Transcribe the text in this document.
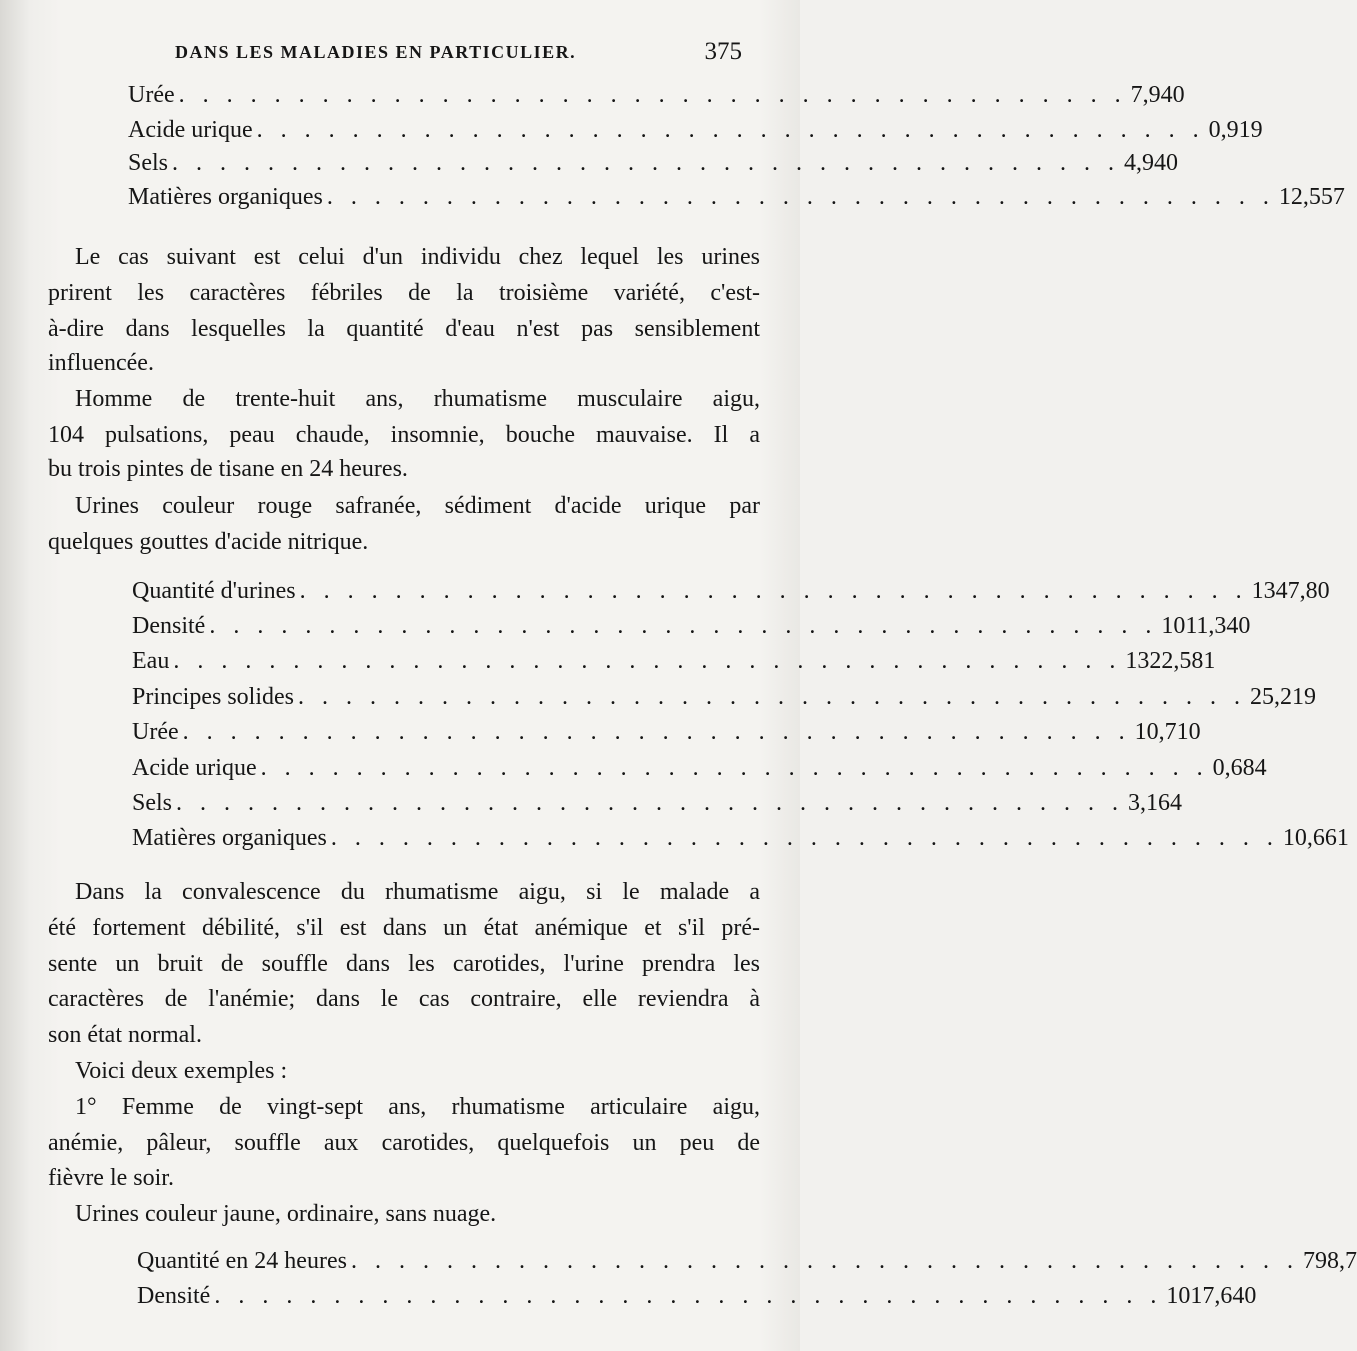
DANS LES MALADIES EN PARTICULIER.	375
Urée . . . . . . . . . . . . . . . . . . . . . . . . . . . . . . . . . . . . . . . . 7,940
Acide urique . . . . . . . . . . . . . . . . . . . . . . . . . . . . . . . . . . . . . . . . 0,919
Sels . . . . . . . . . . . . . . . . . . . . . . . . . . . . . . . . . . . . . . . . 4,940
Matières organiques . . . . . . . . . . . . . . . . . . . . . . . . . . . . . . . . . . . . . . . . 12,557
Le cas suivant est celui d'un individu chez lequel les urines
prirent les caractères fébriles de la troisième variété, c'est-
à-dire dans lesquelles la quantité d'eau n'est pas sensiblement
influencée.
Homme de trente-huit ans, rhumatisme musculaire aigu,
104 pulsations, peau chaude, insomnie, bouche mauvaise. Il a
bu trois pintes de tisane en 24 heures.
Urines couleur rouge safranée, sédiment d'acide urique par
quelques gouttes d'acide nitrique.
Quantité d'urines . . . . . . . . . . . . . . . . . . . . . . . . . . . . . . . . . . . . . . . . 1347,80
Densité . . . . . . . . . . . . . . . . . . . . . . . . . . . . . . . . . . . . . . . . 1011,340
Eau . . . . . . . . . . . . . . . . . . . . . . . . . . . . . . . . . . . . . . . . 1322,581
Principes solides . . . . . . . . . . . . . . . . . . . . . . . . . . . . . . . . . . . . . . . . 25,219
Urée . . . . . . . . . . . . . . . . . . . . . . . . . . . . . . . . . . . . . . . . 10,710
Acide urique . . . . . . . . . . . . . . . . . . . . . . . . . . . . . . . . . . . . . . . . 0,684
Sels . . . . . . . . . . . . . . . . . . . . . . . . . . . . . . . . . . . . . . . . 3,164
Matières organiques . . . . . . . . . . . . . . . . . . . . . . . . . . . . . . . . . . . . . . . . 10,661
Dans la convalescence du rhumatisme aigu, si le malade a
été fortement débilité, s'il est dans un état anémique et s'il pré-
sente un bruit de souffle dans les carotides, l'urine prendra les
caractères de l'anémie; dans le cas contraire, elle reviendra à
son état normal.
Voici deux exemples :
1° Femme de vingt-sept ans, rhumatisme articulaire aigu,
anémie, pâleur, souffle aux carotides, quelquefois un peu de
fièvre le soir.
Urines couleur jaune, ordinaire, sans nuage.
Quantité en 24 heures . . . . . . . . . . . . . . . . . . . . . . . . . . . . . . . . . . . . . . . . 798,7
Densité . . . . . . . . . . . . . . . . . . . . . . . . . . . . . . . . . . . . . . . . 1017,640
